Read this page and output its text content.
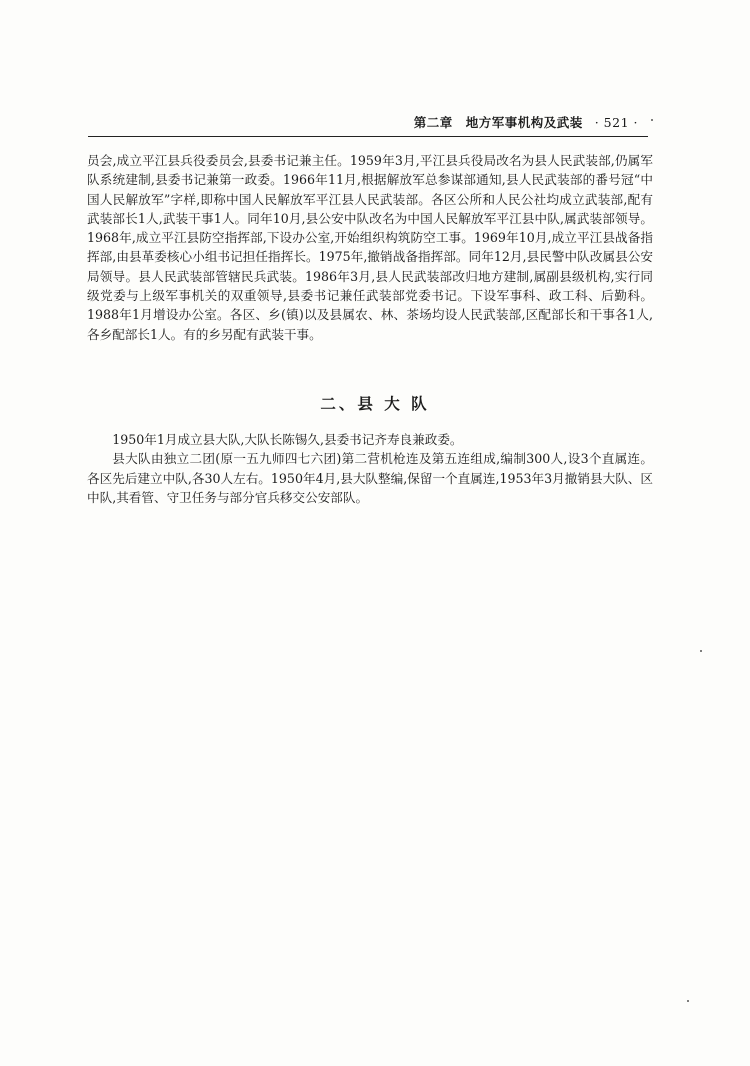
第二章　地方军事机构及武装 · 521 ·

员会,成立平江县兵役委员会,县委书记兼主任。1959年3月,平江县兵役局改名为县人民武装部,仍属军队系统建制,县委书记兼第一政委。1966年11月,根据解放军总参谋部通知,县人民武装部的番号冠“中国人民解放军”字样,即称中国人民解放军平江县人民武装部。各区公所和人民公社均成立武装部,配有武装部长1人,武装干事1人。同年10月,县公安中队改名为中国人民解放军平江县中队,属武装部领导。1968年,成立平江县防空指挥部,下设办公室,开始组织构筑防空工事。1969年10月,成立平江县战备指挥部,由县革委核心小组书记担任指挥长。1975年,撤销战备指挥部。同年12月,县民警中队改属县公安局领导。县人民武装部管辖民兵武装。1986年3月,县人民武装部改归地方建制,属副县级机构,实行同级党委与上级军事机关的双重领导,县委书记兼任武装部党委书记。下设军事科、政工科、后勤科。1988年1月增设办公室。各区、乡(镇)以及县属农、林、茶场均设人民武装部,区配部长和干事各1人,各乡配部长1人。有的乡另配有武装干事。

二、县 大 队

1950年1月成立县大队,大队长陈锡久,县委书记齐寿良兼政委。

县大队由独立二团(原一五九师四七六团)第二营机枪连及第五连组成,编制300人,设3个直属连。各区先后建立中队,各30人左右。1950年4月,县大队整编,保留一个直属连,1953年3月撤销县大队、区中队,其看管、守卫任务与部分官兵移交公安部队。
